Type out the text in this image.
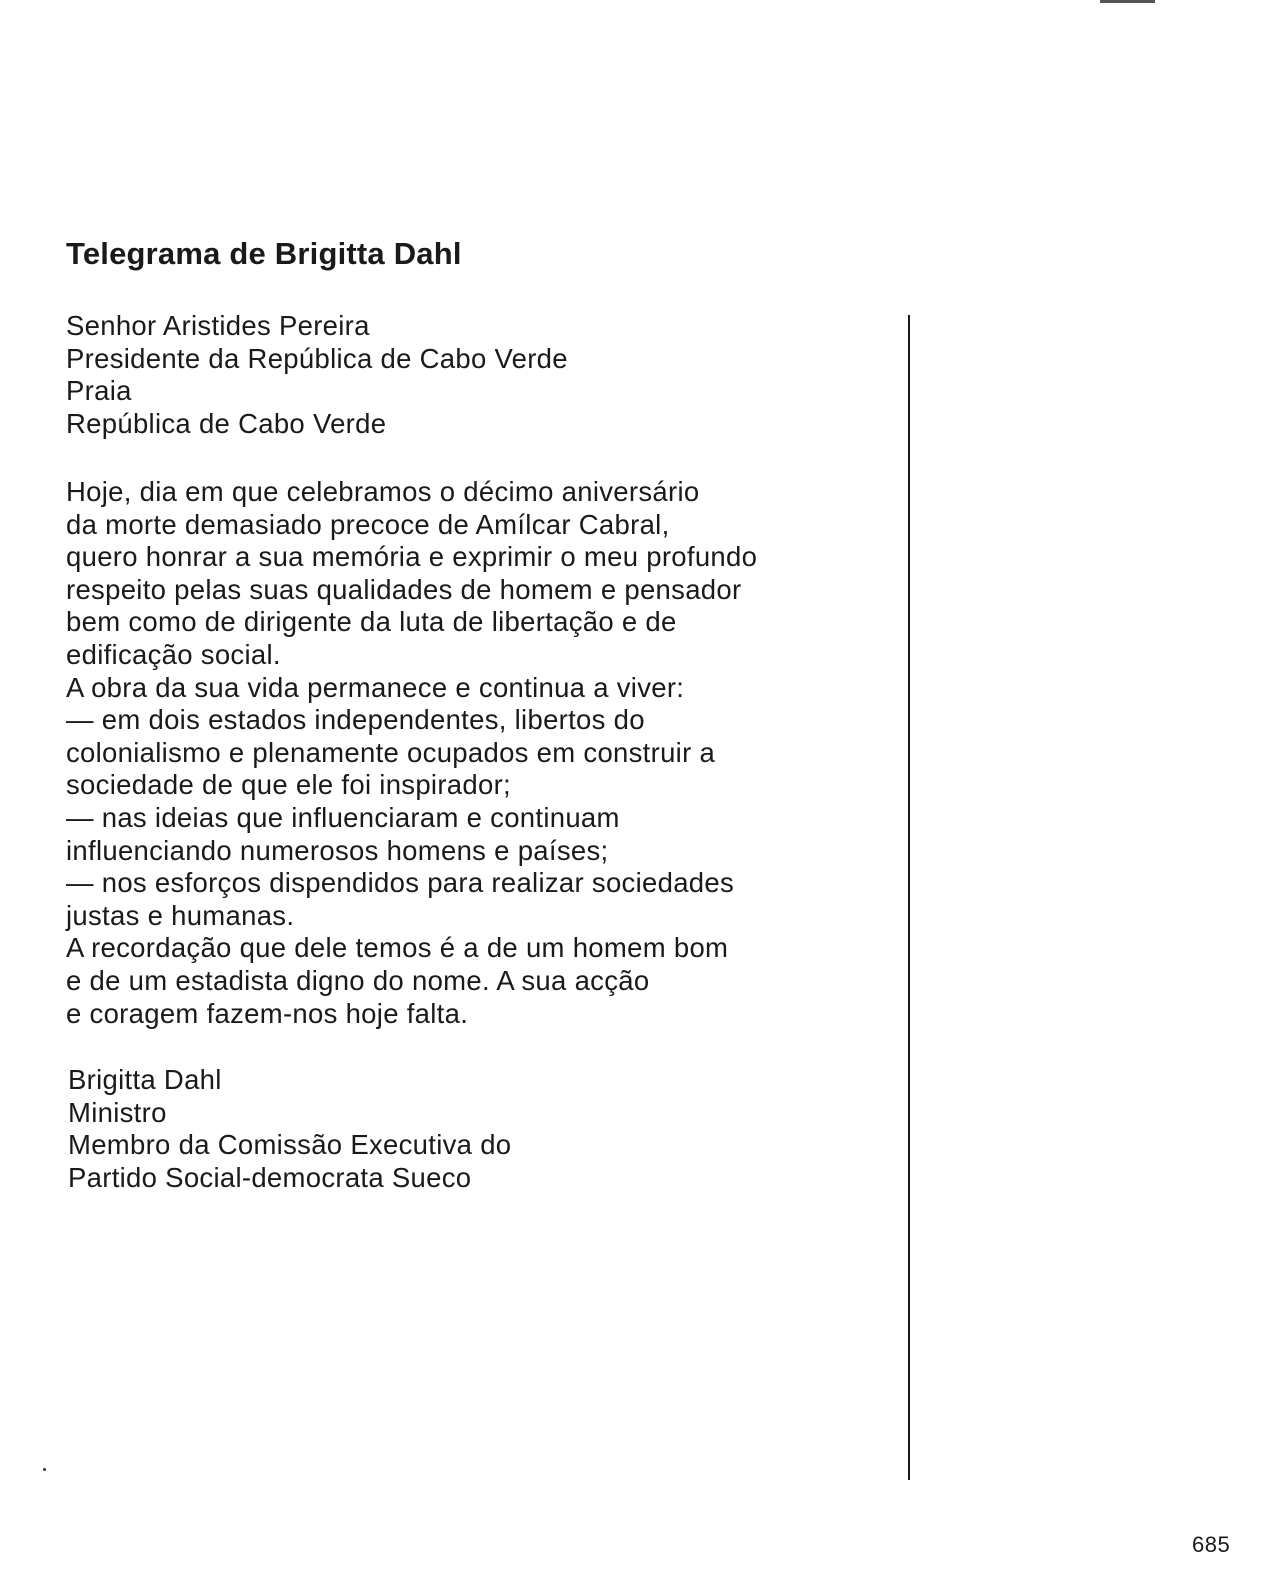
Telegrama de Brigitta Dahl
Senhor Aristides Pereira
Presidente da República de Cabo Verde
Praia
República de Cabo Verde
Hoje, dia em que celebramos o décimo aniversário
da morte demasiado precoce de Amílcar Cabral,
quero honrar a sua memória e exprimir o meu profundo
respeito pelas suas qualidades de homem e pensador
bem como de dirigente da luta de libertação e de
edificação social.
A obra da sua vida permanece e continua a viver:
— em dois estados independentes, libertos do
colonialismo e plenamente ocupados em construir a
sociedade de que ele foi inspirador;
— nas ideias que influenciaram e continuam
influenciando numerosos homens e países;
— nos esforços dispendidos para realizar sociedades
justas e humanas.
A recordação que dele temos é a de um homem bom
e de um estadista digno do nome. A sua acção
e coragem fazem-nos hoje falta.
Brigitta Dahl
Ministro
Membro da Comissão Executiva do
Partido Social-democrata Sueco
685
